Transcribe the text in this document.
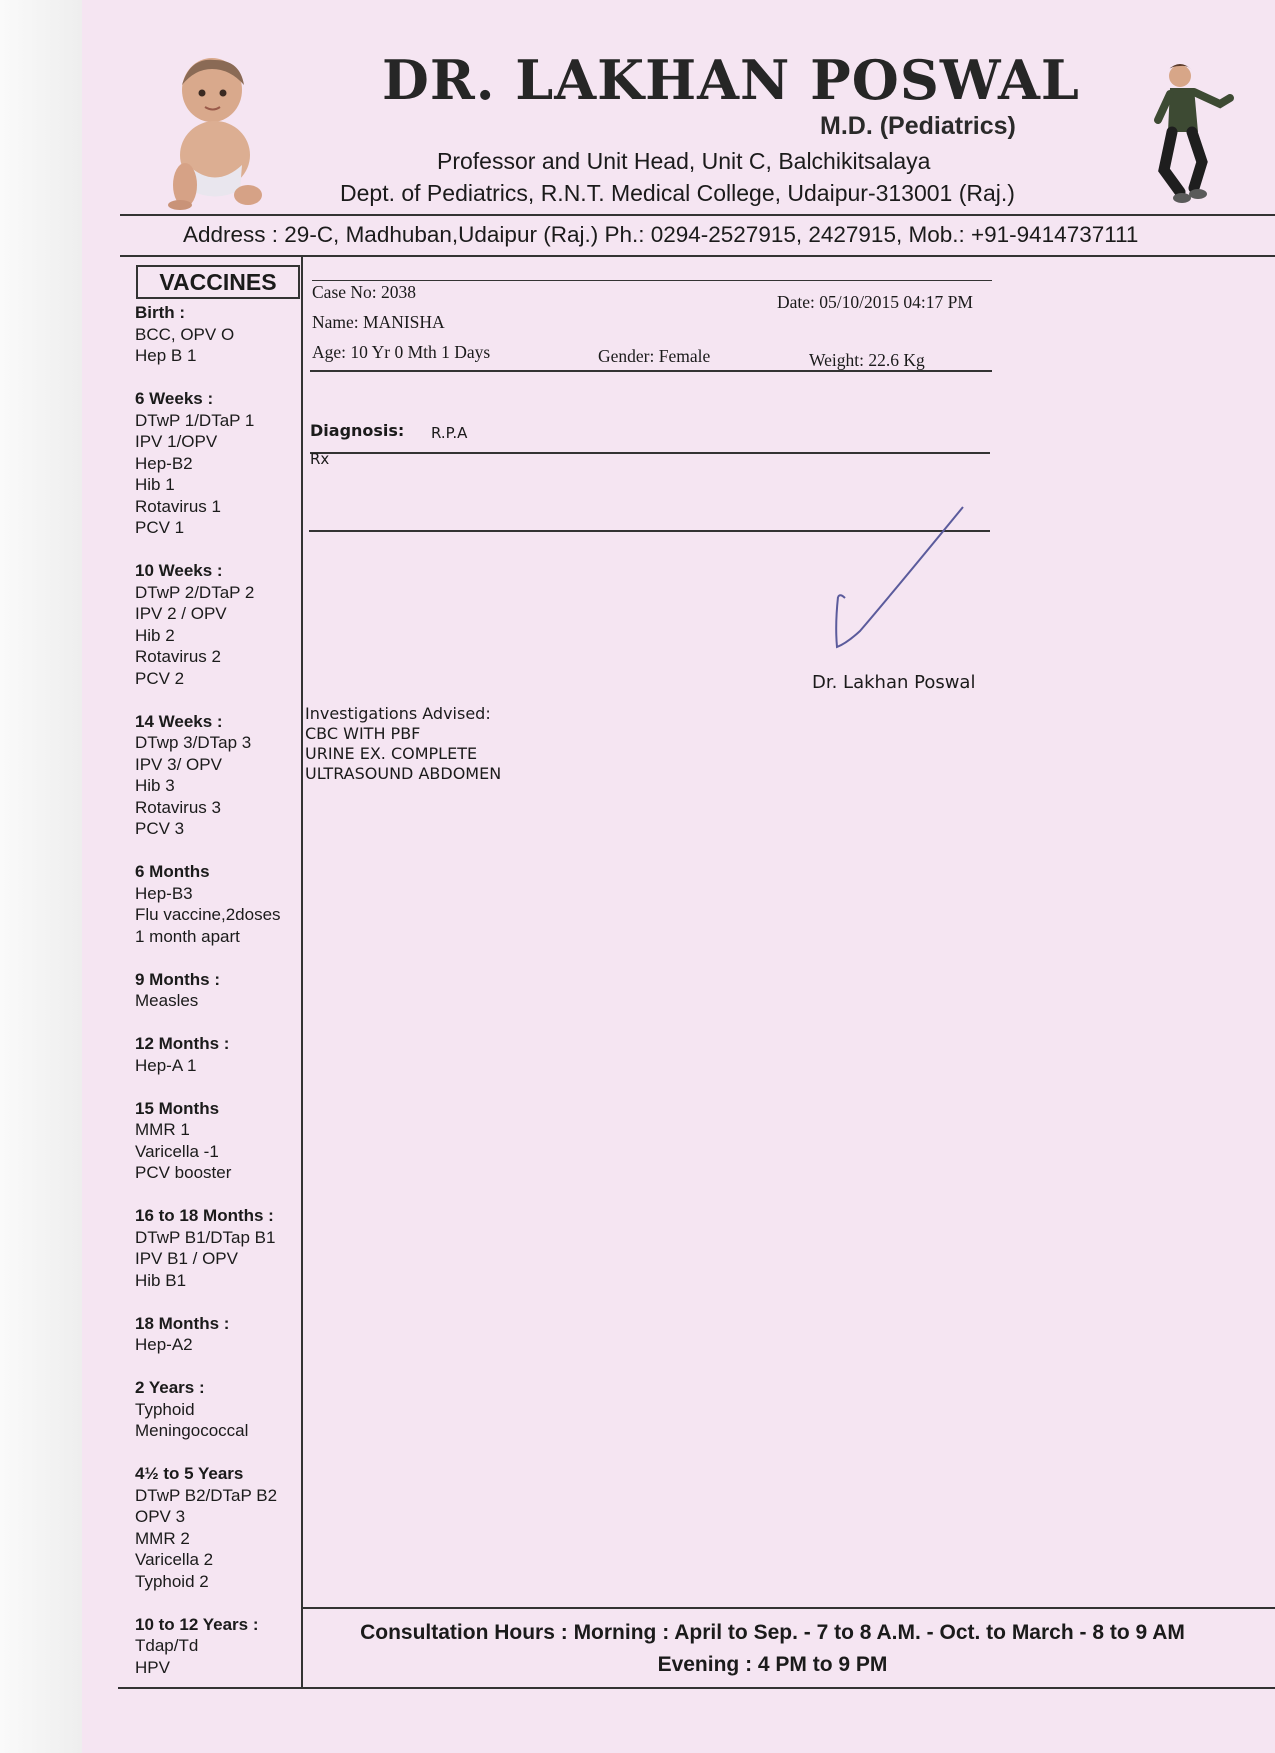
DR. LAKHAN POSWAL
M.D. (Pediatrics)
Professor and Unit Head, Unit C, Balchikitsalaya
Dept. of Pediatrics, R.N.T. Medical College, Udaipur-313001 (Raj.)
Address : 29-C, Madhuban,Udaipur (Raj.) Ph.: 0294-2527915, 2427915, Mob.: +91-9414737111
VACCINES
Birth :
BCC, OPV O
Hep B 1
6 Weeks :
DTwP 1/DTaP 1
IPV 1/OPV
Hep-B2
Hib 1
Rotavirus 1
PCV 1
10 Weeks :
DTwP 2/DTaP 2
IPV 2 / OPV
Hib 2
Rotavirus 2
PCV 2
14 Weeks :
DTwp 3/DTap 3
IPV 3/ OPV
Hib 3
Rotavirus 3
PCV 3
6 Months
Hep-B3
Flu vaccine,2doses
1 month apart
9 Months :
Measles
12 Months :
Hep-A 1
15 Months
MMR 1
Varicella -1
PCV booster
16 to 18 Months :
DTwP B1/DTap B1
IPV B1 / OPV
Hib B1
18 Months :
Hep-A2
2 Years :
Typhoid
Meningococcal
4½ to 5 Years
DTwP B2/DTaP B2
OPV 3
MMR 2
Varicella 2
Typhoid 2
10 to 12 Years :
Tdap/Td
HPV
Case No: 2038	Date: 05/10/2015 04:17 PM
Name: MANISHA
Age: 10 Yr 0 Mth 1 Days	Gender: Female	Weight: 22.6 Kg
Diagnosis: R.P.A
Rx
Dr. Lakhan Poswal
Investigations Advised:
CBC WITH PBF
URINE EX. COMPLETE
ULTRASOUND ABDOMEN
Consultation Hours : Morning : April to Sep. - 7 to 8 A.M. - Oct. to March - 8 to 9 AM
Evening : 4 PM to 9 PM
